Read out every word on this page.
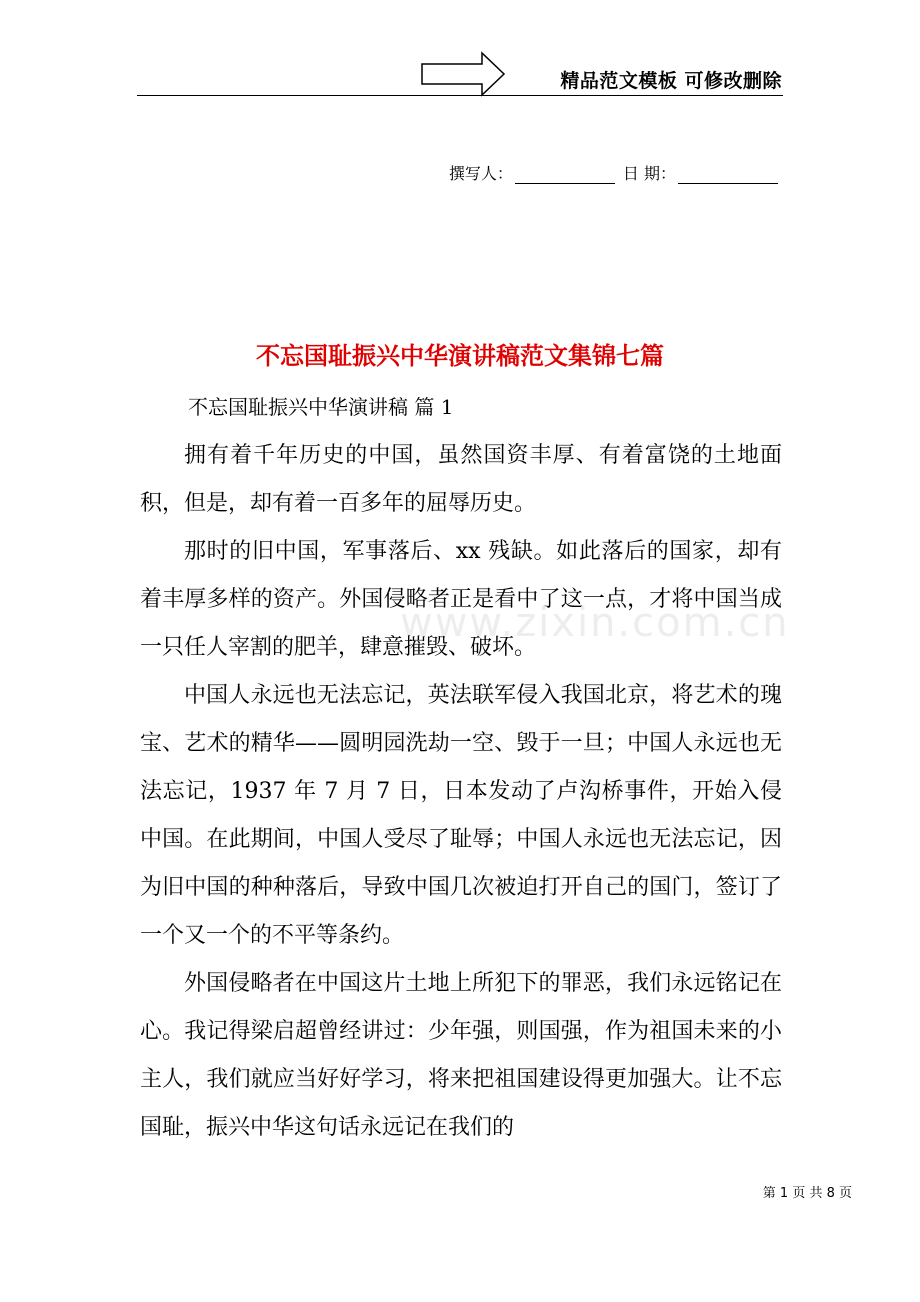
精品范文模板 可修改删除
撰写人：	日 期：
不忘国耻振兴中华演讲稿范文集锦七篇
不忘国耻振兴中华演讲稿 篇 1
www.zixin.com.cn

拥有着千年历史的中国，虽然国资丰厚、有着富饶的土地面积，但是，却有着一百多年的屈辱历史。

那时的旧中国，军事落后、xx 残缺。如此落后的国家，却有着丰厚多样的资产。外国侵略者正是看中了这一点，才将中国当成一只任人宰割的肥羊，肆意摧毁、破坏。

中国人永远也无法忘记，英法联军侵入我国北京，将艺术的瑰宝、艺术的精华——圆明园洗劫一空、毁于一旦；中国人永远也无法忘记，1937 年 7 月 7 日，日本发动了卢沟桥事件，开始入侵中国。在此期间，中国人受尽了耻辱；中国人永远也无法忘记，因为旧中国的种种落后，导致中国几次被迫打开自己的国门，签订了一个又一个的不平等条约。

外国侵略者在中国这片土地上所犯下的罪恶，我们永远铭记在心。我记得梁启超曾经讲过：少年强，则国强，作为祖国未来的小主人，我们就应当好好学习，将来把祖国建设得更加强大。让不忘国耻，振兴中华这句话永远记在我们的

第 1 页 共 8 页
